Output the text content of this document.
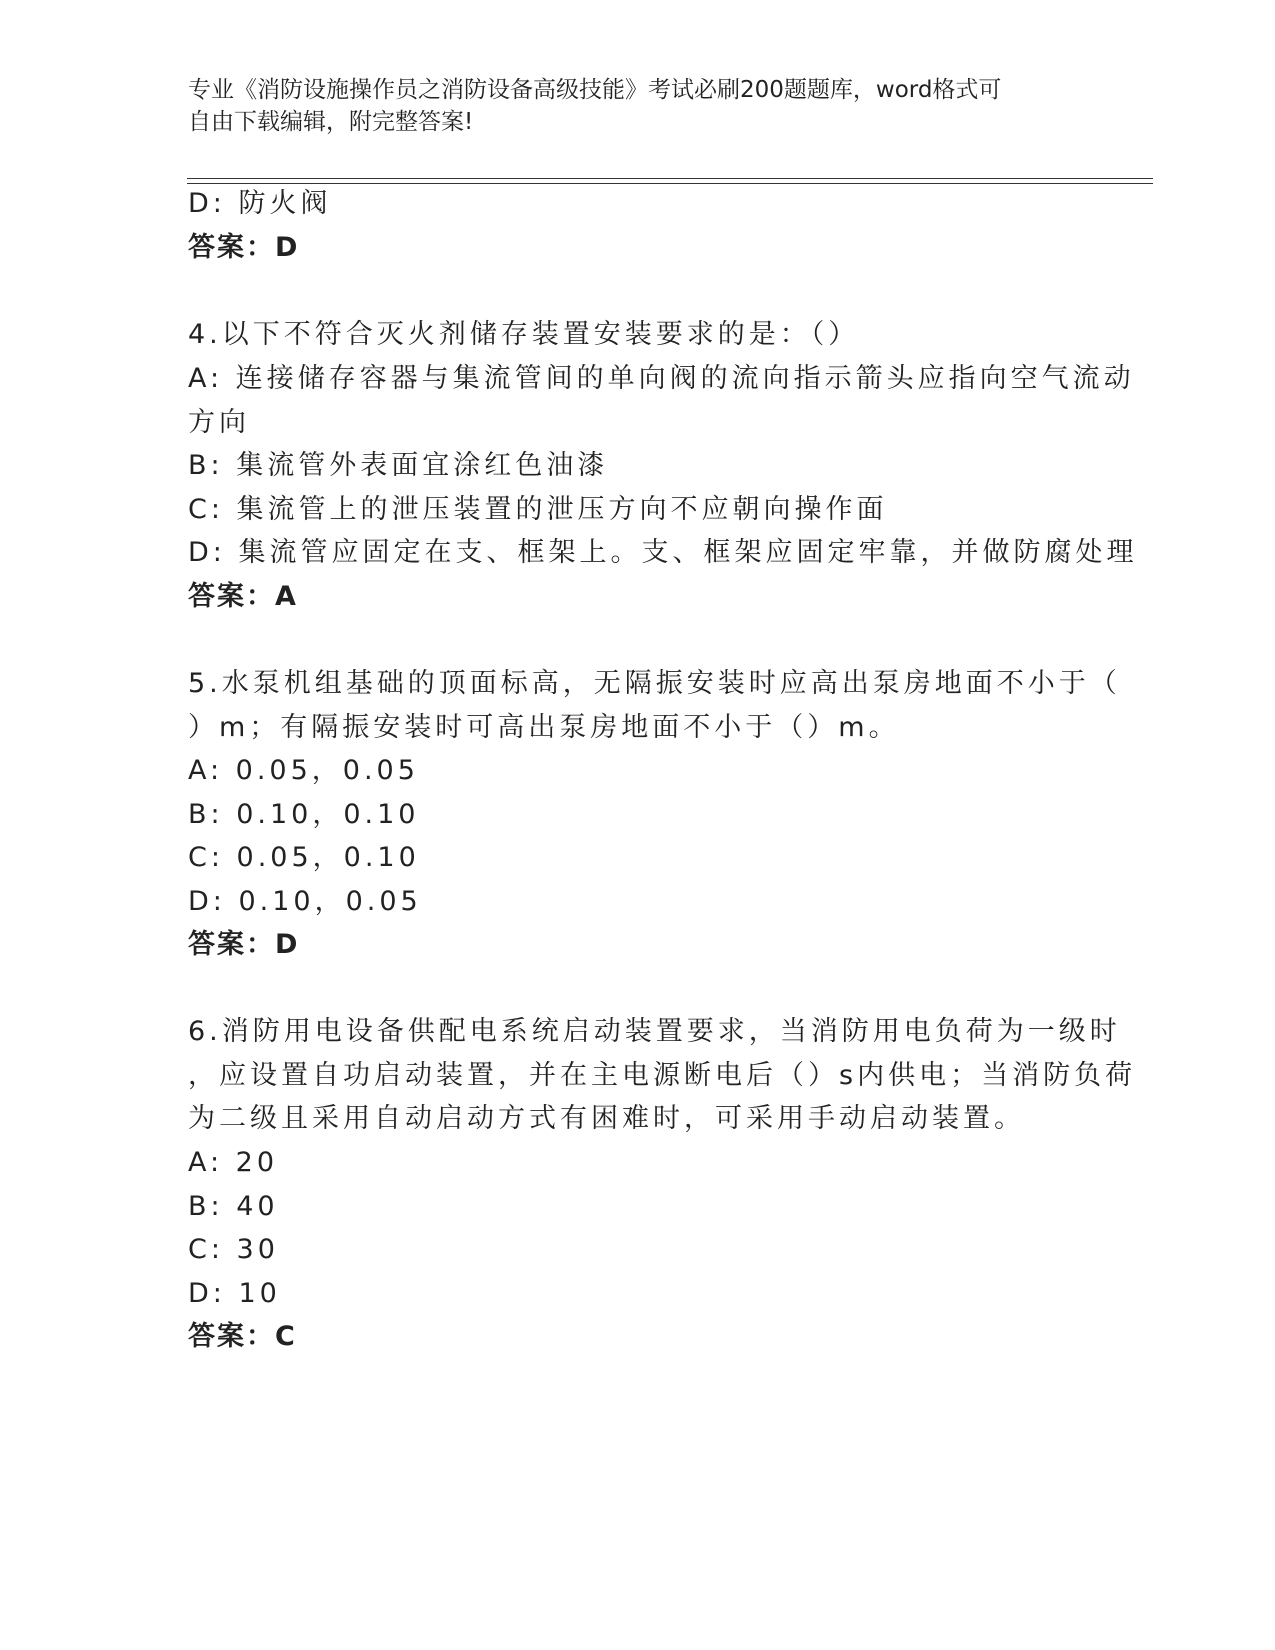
专业《消防设施操作员之消防设备高级技能》考试必刷200题题库，word格式可
自由下载编辑，附完整答案!
D: 防火阀
答案：D
4.以下不符合灭火剂储存装置安装要求的是：（）
A: 连接储存容器与集流管间的单向阀的流向指示箭头应指向空气流动
方向
B: 集流管外表面宜涂红色油漆
C: 集流管上的泄压装置的泄压方向不应朝向操作面
D: 集流管应固定在支、框架上。支、框架应固定牢靠，并做防腐处理
答案：A
5.水泵机组基础的顶面标高，无隔振安装时应高出泵房地面不小于（
）m；有隔振安装时可高出泵房地面不小于（）m。
A: 0.05，0.05
B: 0.10，0.10
C: 0.05，0.10
D: 0.10，0.05
答案：D
6.消防用电设备供配电系统启动装置要求，当消防用电负荷为一级时
，应设置自功启动装置，并在主电源断电后（）s内供电；当消防负荷
为二级且采用自动启动方式有困难时，可采用手动启动装置。
A: 20
B: 40
C: 30
D: 10
答案：C
